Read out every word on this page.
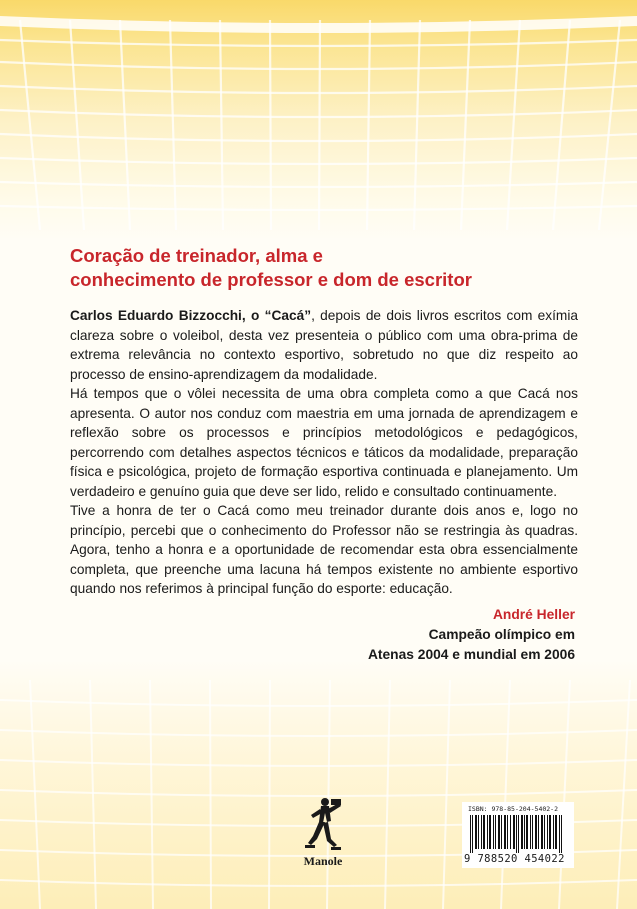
Coração de treinador, alma e
conhecimento de professor e dom de escritor

Carlos Eduardo Bizzocchi, o “Cacá”, depois de dois livros escritos com exímia clareza sobre o voleibol, desta vez presenteia o público com uma obra-prima de extrema relevância no contexto esportivo, sobretudo no que diz respeito ao processo de ensino-aprendizagem da modalidade.

Há tempos que o vôlei necessita de uma obra completa como a que Cacá nos apresenta. O autor nos conduz com maestria em uma jornada de aprendizagem e reflexão sobre os processos e princípios metodológicos e pedagógicos, percorrendo com detalhes aspectos técnicos e táticos da modalidade, preparação física e psicológica, projeto de formação esportiva continuada e planejamento. Um verdadeiro e genuíno guia que deve ser lido, relido e consultado continuamente.

Tive a honra de ter o Cacá como meu treinador durante dois anos e, logo no princípio, percebi que o conhecimento do Professor não se restringia às quadras. Agora, tenho a honra e a oportunidade de recomendar esta obra essencialmente completa, que preenche uma lacuna há tempos existente no ambiente esportivo quando nos referimos à principal função do esporte: educação.

André Heller
Campeão olímpico em
Atenas 2004 e mundial em 2006
Manole
ISBN: 978-85-204-5402-2
9 788520 454022
